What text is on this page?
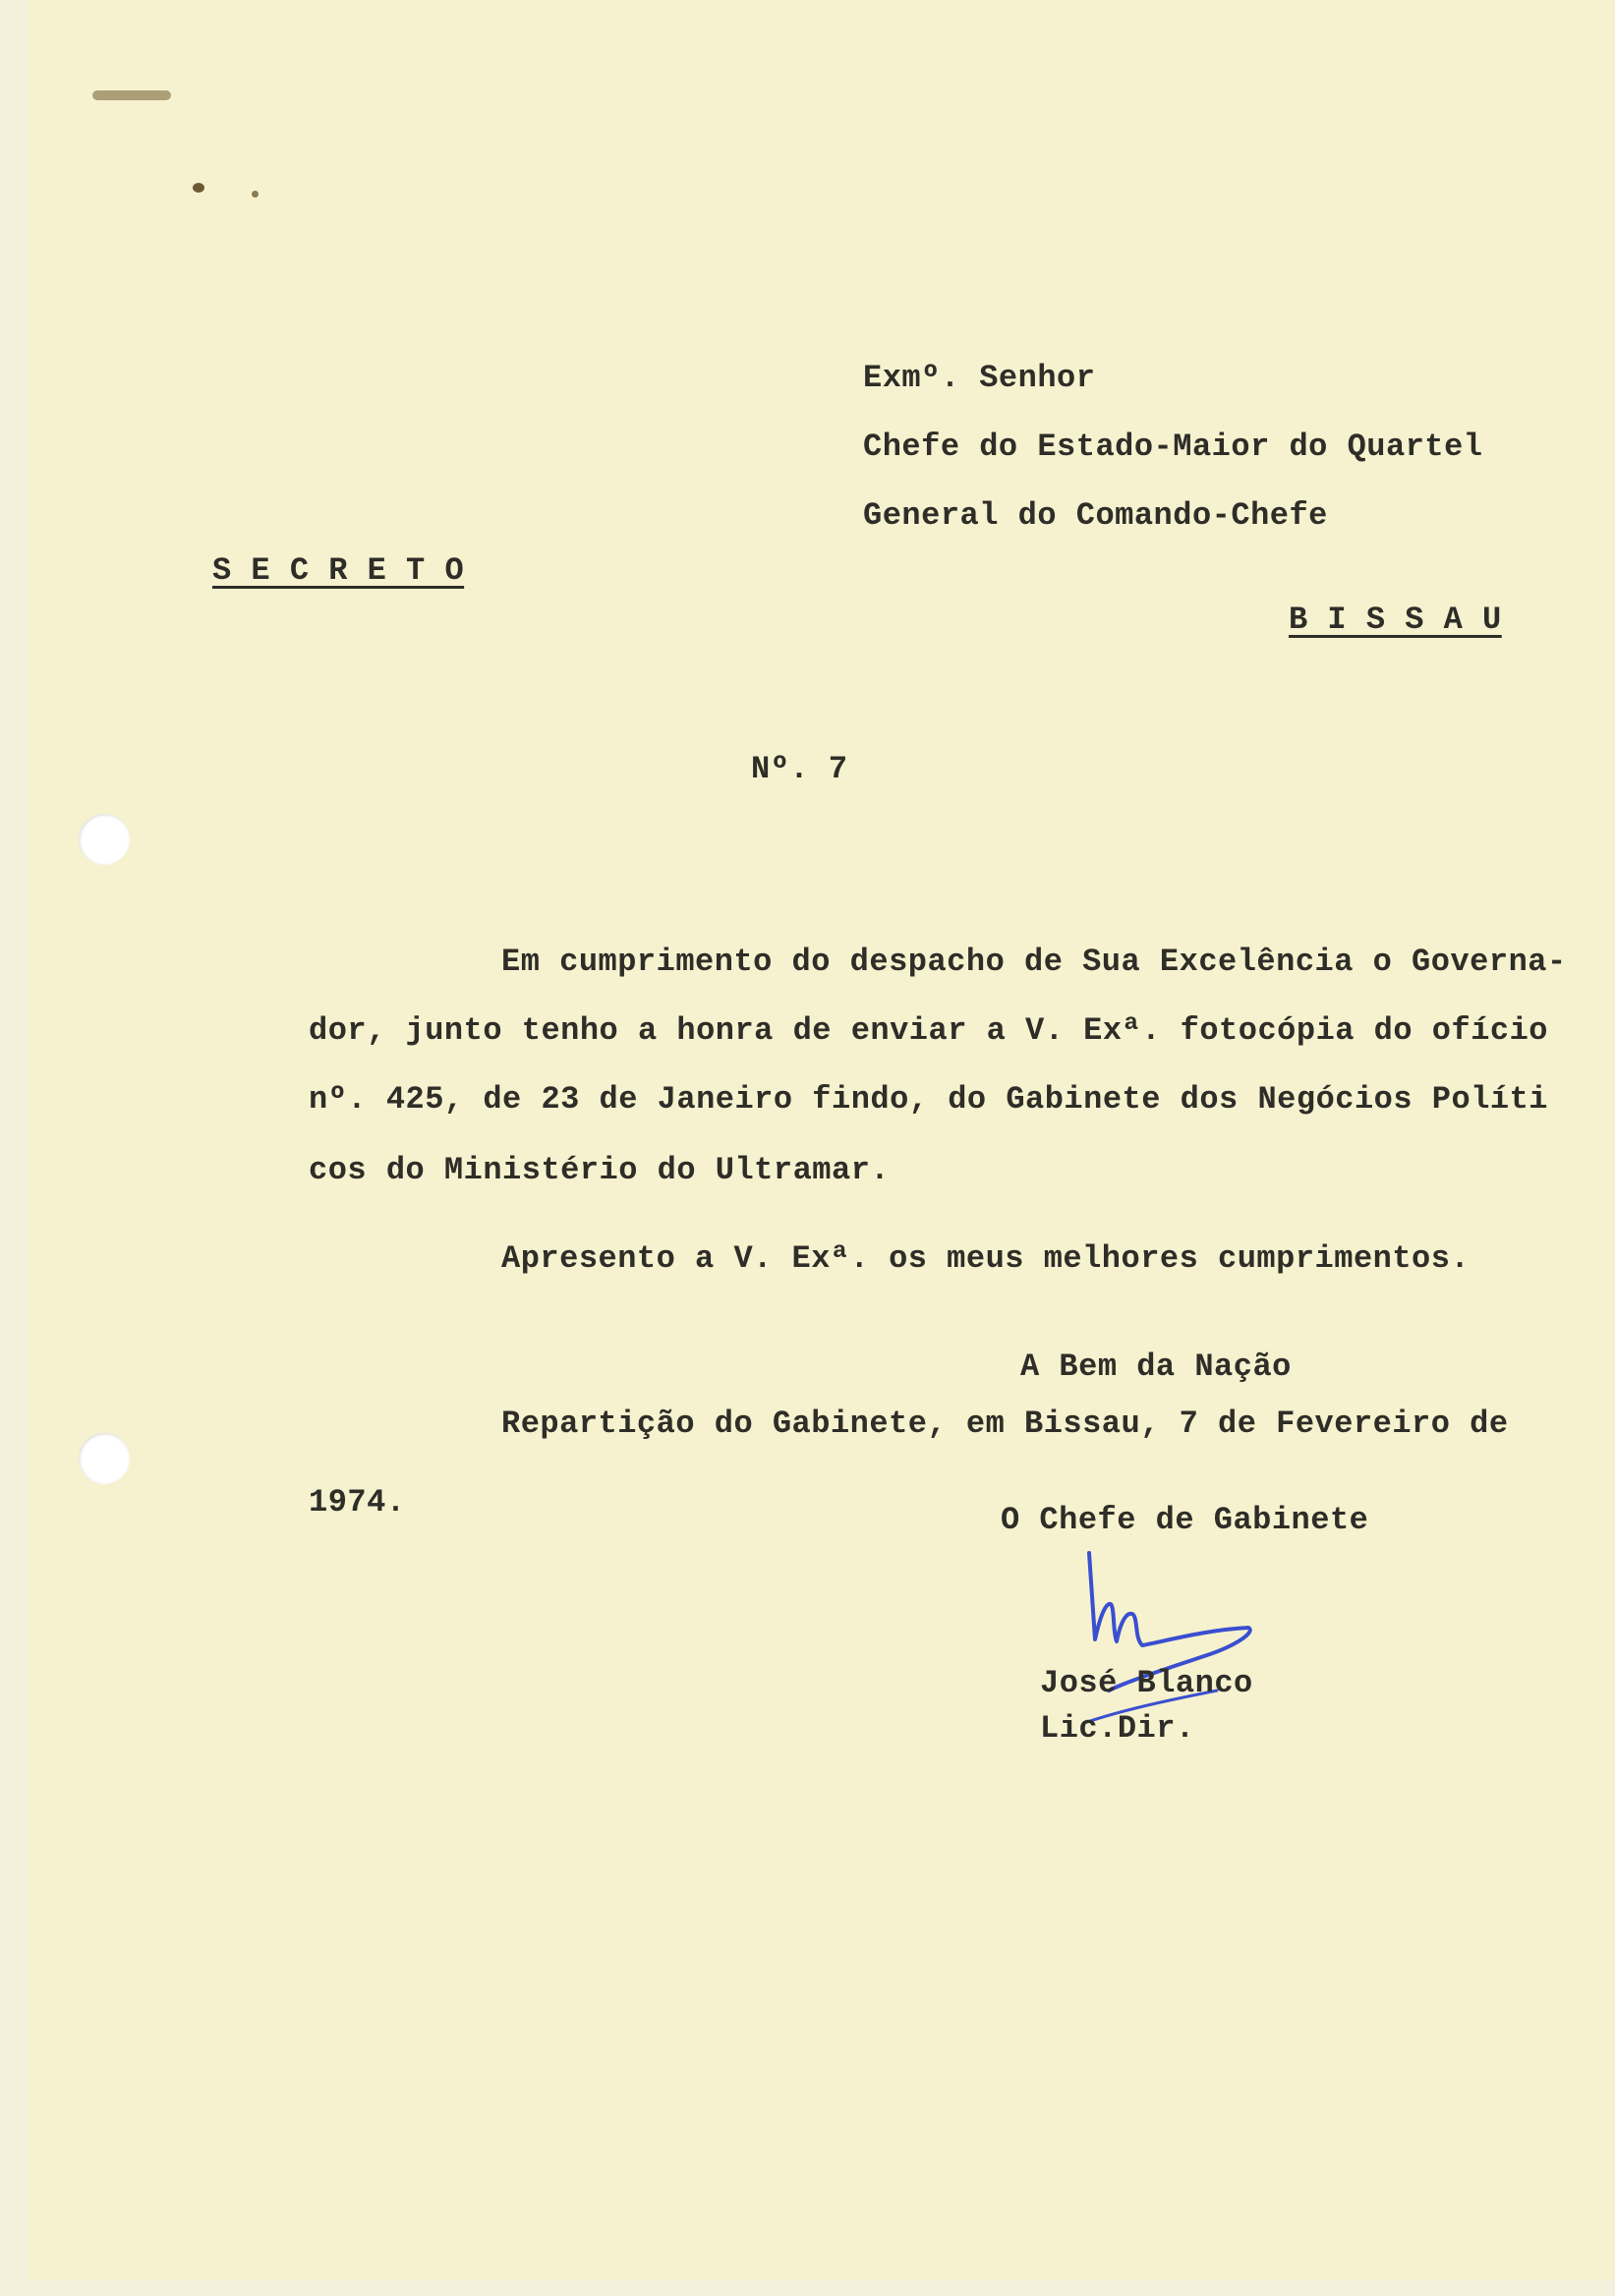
Exmº. Senhor
Chefe do Estado-Maior do Quartel
General do Comando-Chefe
S E C R E T O
B I S S A U
Nº. 7
Em cumprimento do despacho de Sua Excelência o Governa-
dor, junto tenho a honra de enviar a V. Exª. fotocópia do ofício
nº. 425, de 23 de Janeiro findo, do Gabinete dos Negócios Políti
cos do Ministério do Ultramar.
Apresento a V. Exª. os meus melhores cumprimentos.
A Bem da Nação
Repartição do Gabinete, em Bissau, 7 de Fevereiro de
1974.	O Chefe de Gabinete
José Blanco
Lic.Dir.
